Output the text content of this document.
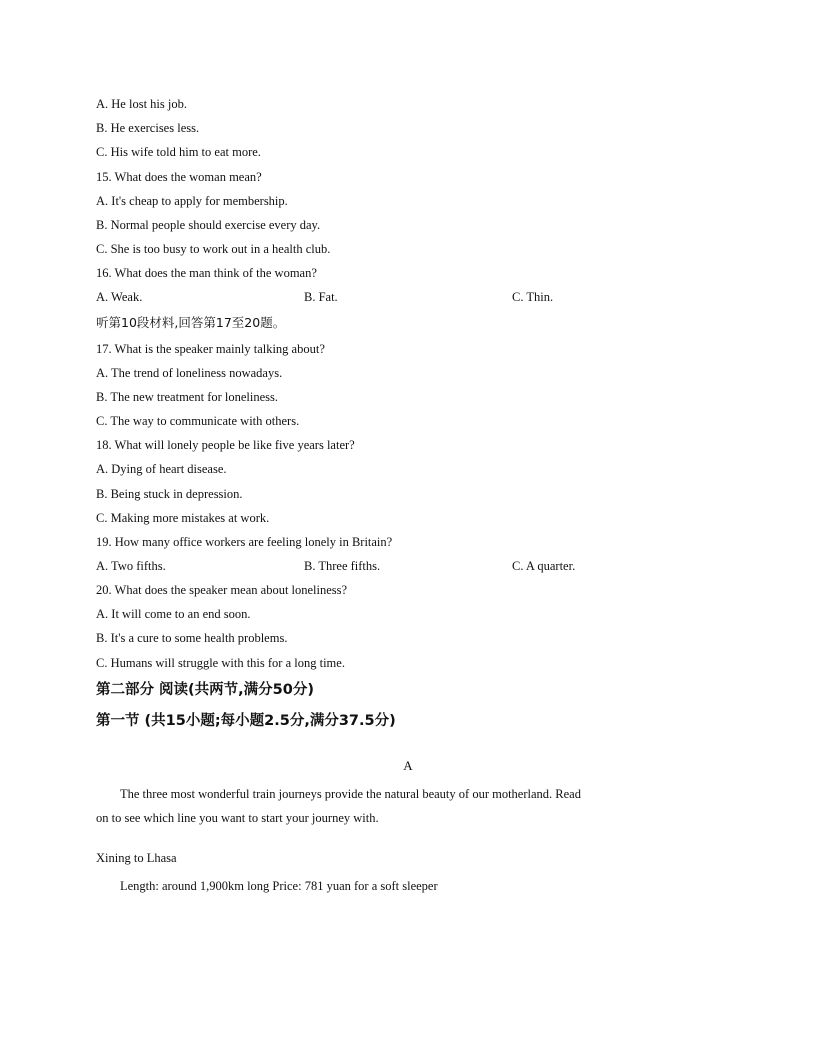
A. He lost his job.
B. He exercises less.
C. His wife told him to eat more.
15. What does the woman mean?
A. It's cheap to apply for membership.
B. Normal people should exercise every day.
C. She is too busy to work out in a health club.
16. What does the man think of the woman?
A. Weak.	B. Fat.	C. Thin.
听第10段材料,回答第17至20题。
17. What is the speaker mainly talking about?
A. The trend of loneliness nowadays.
B. The new treatment for loneliness.
C. The way to communicate with others.
18. What will lonely people be like five years later?
A. Dying of heart disease.
B. Being stuck in depression.
C. Making more mistakes at work.
19. How many office workers are feeling lonely in Britain?
A. Two fifths.	B. Three fifths.	C. A quarter.
20. What does the speaker mean about loneliness?
A. It will come to an end soon.
B. It's a cure to some health problems.
C. Humans will struggle with this for a long time.
第二部分 阅读(共两节,满分50分)
第一节 (共15小题;每小题2.5分,满分37.5分)
A
The three most wonderful train journeys provide the natural beauty of our motherland. Read
on to see which line you want to start your journey with.
Xining to Lhasa
Length: around 1,900km long Price: 781 yuan for a soft sleeper
